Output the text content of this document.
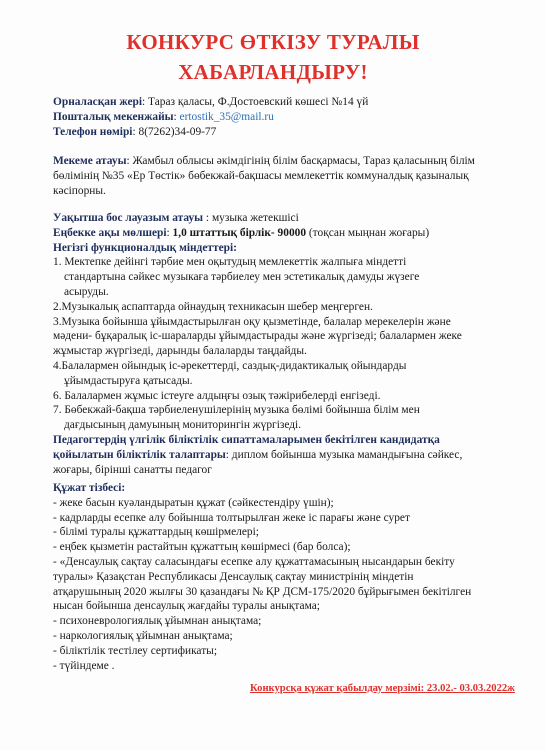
КОНКУРС ӨТКІЗУ ТУРАЛЫ
ХАБАРЛАНДЫРУ!
Орналасқан жері: Тараз қаласы, Ф.Достоевский көшесі №14 үй
Пошталық мекенжайы: ertostik_35@mail.ru
Телефон нөмірі: 8(7262)34-09-77
Мекеме атауы: Жамбыл облысы әкімдігінің білім басқармасы, Тараз қаласының білім
бөлімінің №35 «Ер Төстік» бөбекжай-бақшасы мемлекеттік коммуналдық қазыналық
кәсіпорны.
Уақытша бос лауазым атауы : музыка жетекшісі
Еңбекке ақы мөлшері: 1,0 штаттық бірлік- 90000 (тоқсан мыңнан жоғары)
Негізгі функционалдық міндеттері:
1. Мектепке дейінгі тәрбие мен оқытудың мемлекеттік жалпыға міндетті
стандартына сәйкес музыкаға тәрбиелеу мен эстетикалық дамуды жүзеге
асыруды.
2.Музыкалық аспаптарда ойнаудың техникасын шебер меңгерген.
3.Музыка бойынша ұйымдастырылған оқу қызметінде, балалар мерекелерін және
мәдени- бұқаралық іс-шараларды ұйымдастырады және жүргізеді; балалармен жеке
жұмыстар жүргізеді, дарынды балаларды таңдайды.
4.Балалармен ойындық іс-әрекеттерді, саздық-дидактикалық ойындарды
ұйымдастыруға қатысады.
6. Балалармен жұмыс істеуге алдыңғы озық тәжірибелерді енгізеді.
7. Бөбекжай-бақша тәрбиеленушілерінің музыка бөлімі бойынша білім мен
дағдысының дамуының мониторингін жүргізеді.
Педагогтердің үлгілік біліктілік сипаттамаларымен бекітілген кандидатқа
қойылатын біліктілік талаптары: диплом бойынша музыка мамандығына сәйкес,
жоғары, бірінші санатты педагог
Құжат тізбесі:
- жеке басын куәландыратын құжат (сәйкестендіру үшін);
- кадрларды есепке алу бойынша толтырылған жеке іс парағы және сурет
- білімі туралы құжаттардың көшірмелері;
- еңбек қызметін растайтын құжаттың көшірмесі (бар болса);
- «Денсаулық сақтау саласындағы есепке алу құжаттамасының нысандарын бекіту
туралы» Қазақстан Республикасы Денсаулық сақтау министрінің міндетін
атқарушының 2020 жылғы 30 қазандағы № ҚР ДСМ-175/2020 бұйрығымен бекітілген
нысан бойынша денсаулық жағдайы туралы анықтама;
- психоневрологиялық ұйымнан анықтама;
- наркологиялық ұйымнан анықтама;
- біліктілік тестілеу сертификаты;
- түйіндеме .
Конкурсқа құжат қабылдау мерзімі: 23.02.- 03.03.2022ж
